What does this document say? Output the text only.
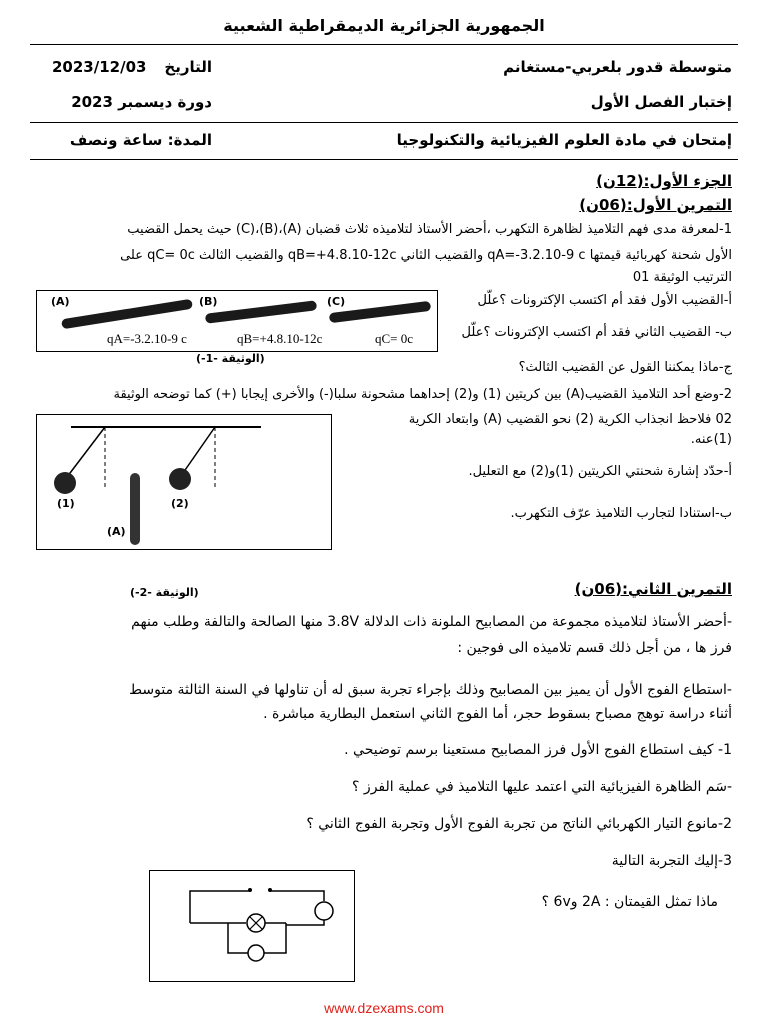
الجمهورية الجزائرية الديمقراطية الشعبية
متوسطة قدور بلعربي-مستغانم
التاريخ
2023/12/03
إختبار الفصل الأول
دورة ديسمبر 2023
إمتحان في مادة العلوم الفيزيائية والتكنولوجيا
المدة: ساعة ونصف
الجزء الأول:(12ن)
التمرين الأول:(06ن)
1-لمعرفة مدى فهم التلاميذ لظاهرة التكهرب ،أحضر الأستاذ لتلاميذه ثلاث قضبان (A)،(B)،(C) حيث يحمل القضيب
الأول شحنة كهربائية قيمتها qA=-3.2.10-9 c والقضيب الثاني qB=+4.8.10-12c والقضيب الثالث qC= 0c على
الترتيب الوثيقة 01
(A)	(B)	(C)
qA=-3.2.10-9 c	qB=+4.8.10-12c	qC= 0c
(الوثيقة -1-)
أ-القضيب الأول فقد أم اكتسب الإكترونات ؟علّل
ب- القضيب الثاني فقد أم اكتسب الإكترونات ؟علّل
ج-ماذا يمكننا القول عن القضيب الثالث؟
2-وضع أحد التلاميذ القضيب(A) بين كريتين (1) و(2) إحداهما مشحونة سلبا(-) والأخرى إيجابا (+) كما توضحه الوثيقة
02 فلاحظ انجذاب الكرية (2) نحو القضيب (A) وابتعاد الكرية
(1)عنه.
أ-حدّد إشارة شحنتي الكريتين (1)و(2) مع التعليل.
ب-استنادا لتجارب التلاميذ عرّف التكهرب.
(1)	(2)
(A)
(الوثيقة -2-)	التمرين الثاني:(06ن)
-أحضر الأستاذ لتلاميذه مجموعة من المصابيح الملونة ذات الدلالة 3.8V منها الصالحة والتالفة وطلب منهم
فرز ها ، من أجل ذلك قسم تلاميذه الى فوجين :
-استطاع الفوج الأول أن يميز بين المصابيح وذلك بإجراء تجربة سبق له أن تناولها في السنة الثالثة متوسط
أثناء دراسة توهج مصباح بسقوط حجر، أما الفوج الثاني استعمل البطارية مباشرة .
1- كيف استطاع الفوج الأول فرز المصابيح مستعينا برسم توضيحي .
-سَم الظاهرة الفيزيائية التي اعتمد عليها التلاميذ في عملية الفرز ؟
2-مانوع التيار الكهربائي الناتج من تجربة الفوج الأول وتجربة الفوج الثاني ؟
3-إليك التجربة التالية
ماذا تمثل القيمتان : 2A و6v ؟
www.dzexams.com
